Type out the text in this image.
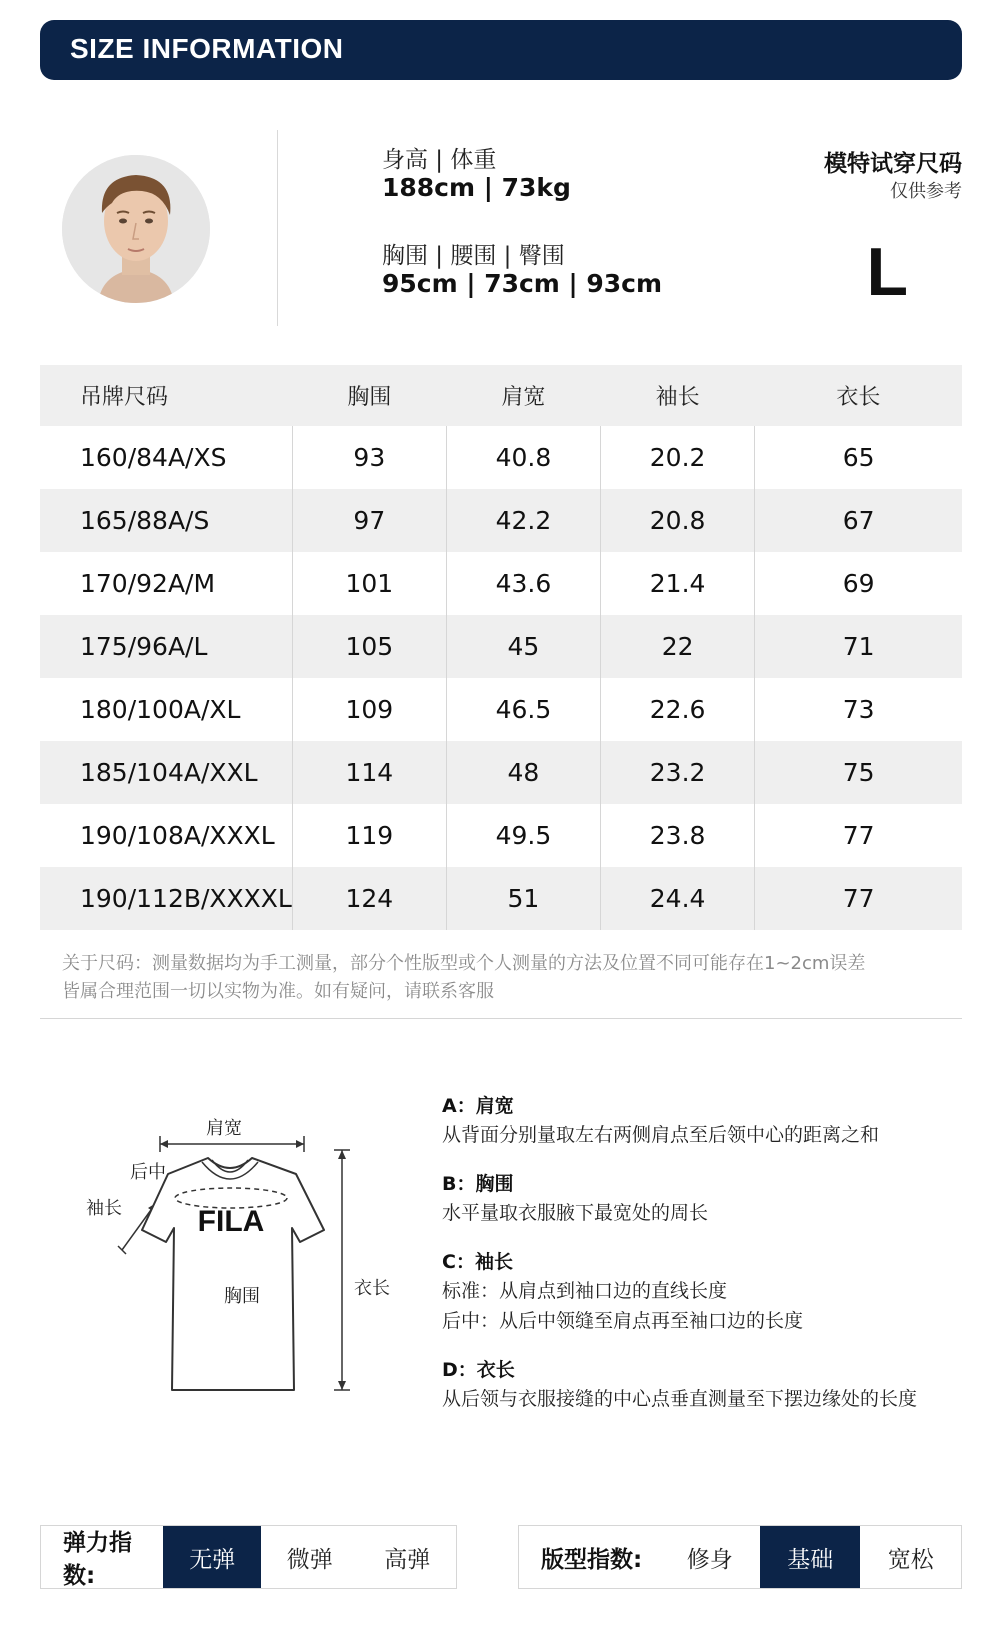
SIZE INFORMATION
身高 | 体重
188cm | 73kg
胸围 | 腰围 | 臀围
95cm | 73cm | 93cm
模特试穿尺码
仅供参考
L
吊牌尺码	胸围	肩宽	袖长	衣长
160/84A/XS	93	40.8	20.2	65
165/88A/S	97	42.2	20.8	67
170/92A/M	101	43.6	21.4	69
175/96A/L	105	45	22	71
180/100A/XL	109	46.5	22.6	73
185/104A/XXL	114	48	23.2	75
190/108A/XXXL	119	49.5	23.8	77
190/112B/XXXXL	124	51	24.4	77
关于尺码：测量数据均为手工测量，部分个性版型或个人测量的方法及位置不同可能存在1~2cm误差
皆属合理范围一切以实物为准。如有疑问，请联系客服
FILA
肩宽
后中
袖长
胸围	衣长
A：肩宽
从背面分别量取左右两侧肩点至后领中心的距离之和
B：胸围
水平量取衣服腋下最宽处的周长
C：袖长
标准：从肩点到袖口边的直线长度
后中：从后中领缝至肩点再至袖口边的长度
D：衣长
从后领与衣服接缝的中心点垂直测量至下摆边缘处的长度
弹力指数:
无弹	微弹	高弹	版型指数:	修身	基础	宽松
